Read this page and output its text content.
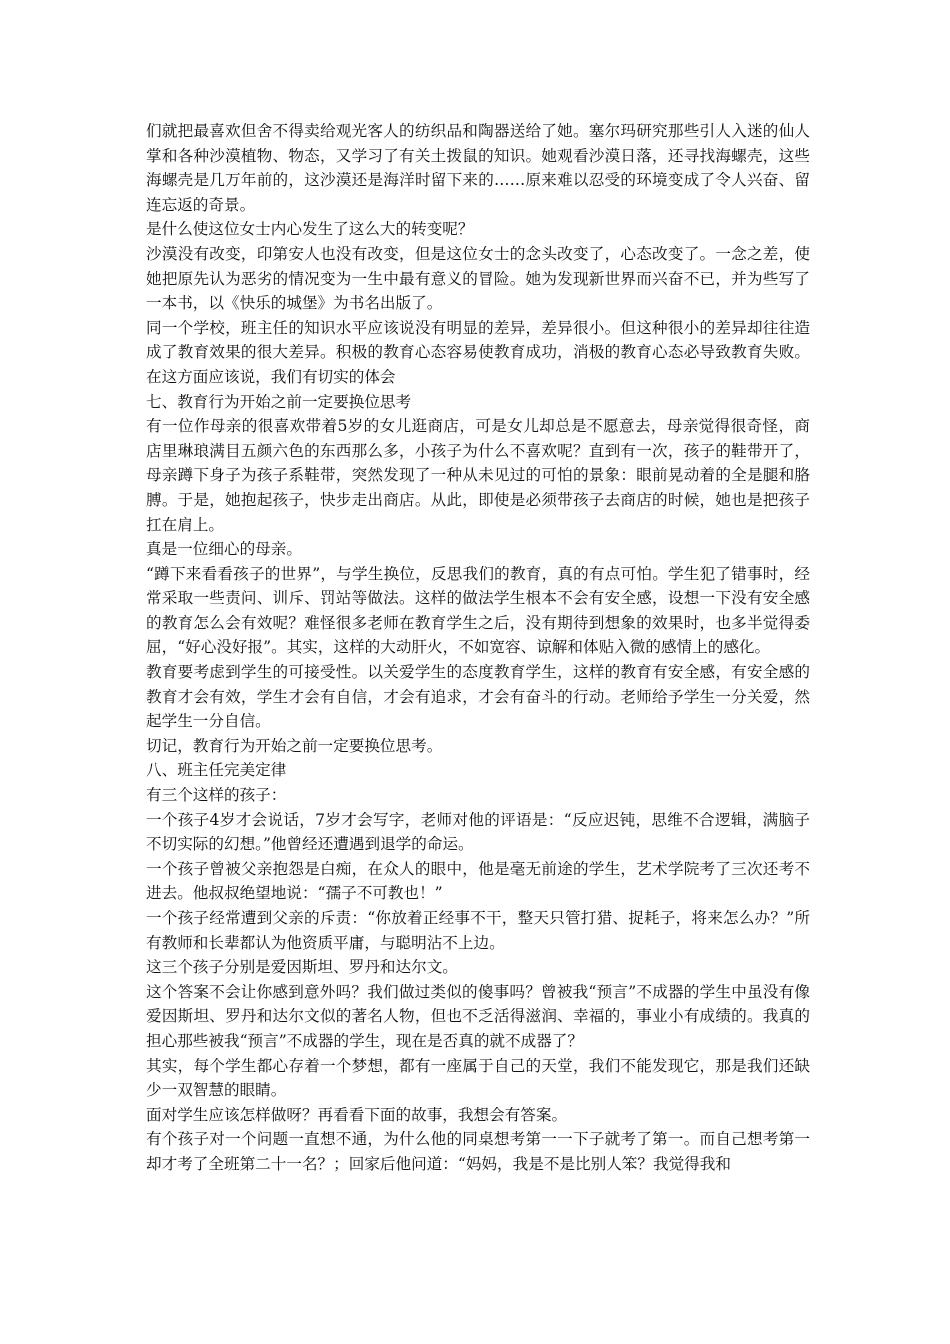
们就把最喜欢但舍不得卖给观光客人的纺织品和陶器送给了她。塞尔玛研究那些引人入迷的仙人掌和各种沙漠植物、物态，又学习了有关土拨鼠的知识。她观看沙漠日落，还寻找海螺壳，这些海螺壳是几万年前的，这沙漠还是海洋时留下来的……原来难以忍受的环境变成了令人兴奋、留连忘返的奇景。

是什么使这位女士内心发生了这么大的转变呢？

沙漠没有改变，印第安人也没有改变，但是这位女士的念头改变了，心态改变了。一念之差，使她把原先认为恶劣的情况变为一生中最有意义的冒险。她为发现新世界而兴奋不已，并为些写了一本书，以《快乐的城堡》为书名出版了。

同一个学校，班主任的知识水平应该说没有明显的差异，差异很小。但这种很小的差异却往往造成了教育效果的很大差异。积极的教育心态容易使教育成功，消极的教育心态必导致教育失败。在这方面应该说，我们有切实的体会

七、教育行为开始之前一定要换位思考

有一位作母亲的很喜欢带着5岁的女儿逛商店，可是女儿却总是不愿意去，母亲觉得很奇怪，商店里琳琅满目五颜六色的东西那么多，小孩子为什么不喜欢呢？直到有一次，孩子的鞋带开了，母亲蹲下身子为孩子系鞋带，突然发现了一种从未见过的可怕的景象：眼前晃动着的全是腿和胳膊。于是，她抱起孩子，快步走出商店。从此，即使是必须带孩子去商店的时候，她也是把孩子扛在肩上。

真是一位细心的母亲。

“蹲下来看看孩子的世界”，与学生换位，反思我们的教育，真的有点可怕。学生犯了错事时，经常采取一些责问、训斥、罚站等做法。这样的做法学生根本不会有安全感，设想一下没有安全感的教育怎么会有效呢？难怪很多老师在教育学生之后，没有期待到想象的效果时，也多半觉得委屈，“好心没好报”。其实，这样的大动肝火，不如宽容、谅解和体贴入微的感情上的感化。

教育要考虑到学生的可接受性。以关爱学生的态度教育学生，这样的教育有安全感，有安全感的教育才会有效，学生才会有自信，才会有追求，才会有奋斗的行动。老师给予学生一分关爱，然起学生一分自信。

切记，教育行为开始之前一定要换位思考。

八、班主任完美定律

有三个这样的孩子：

一个孩子4岁才会说话，7岁才会写字，老师对他的评语是：“反应迟钝，思维不合逻辑，满脑子不切实际的幻想。”他曾经还遭遇到退学的命运。

一个孩子曾被父亲抱怨是白痴，在众人的眼中，他是毫无前途的学生，艺术学院考了三次还考不进去。他叔叔绝望地说：“孺子不可教也！”

一个孩子经常遭到父亲的斥责：“你放着正经事不干，整天只管打猎、捉耗子，将来怎么办？”所有教师和长辈都认为他资质平庸，与聪明沾不上边。

这三个孩子分别是爱因斯坦、罗丹和达尔文。

这个答案不会让你感到意外吗？我们做过类似的傻事吗？曾被我“预言”不成器的学生中虽没有像爱因斯坦、罗丹和达尔文似的著名人物，但也不乏活得滋润、幸福的，事业小有成绩的。我真的担心那些被我“预言”不成器的学生，现在是否真的就不成器了？

其实，每个学生都心存着一个梦想，都有一座属于自己的天堂，我们不能发现它，那是我们还缺少一双智慧的眼睛。

面对学生应该怎样做呀？再看看下面的故事，我想会有答案。

有个孩子对一个问题一直想不通，为什么他的同桌想考第一一下子就考了第一。而自己想考第一却才考了全班第二十一名？；回家后他问道：“妈妈，我是不是比别人笨？我觉得我和
